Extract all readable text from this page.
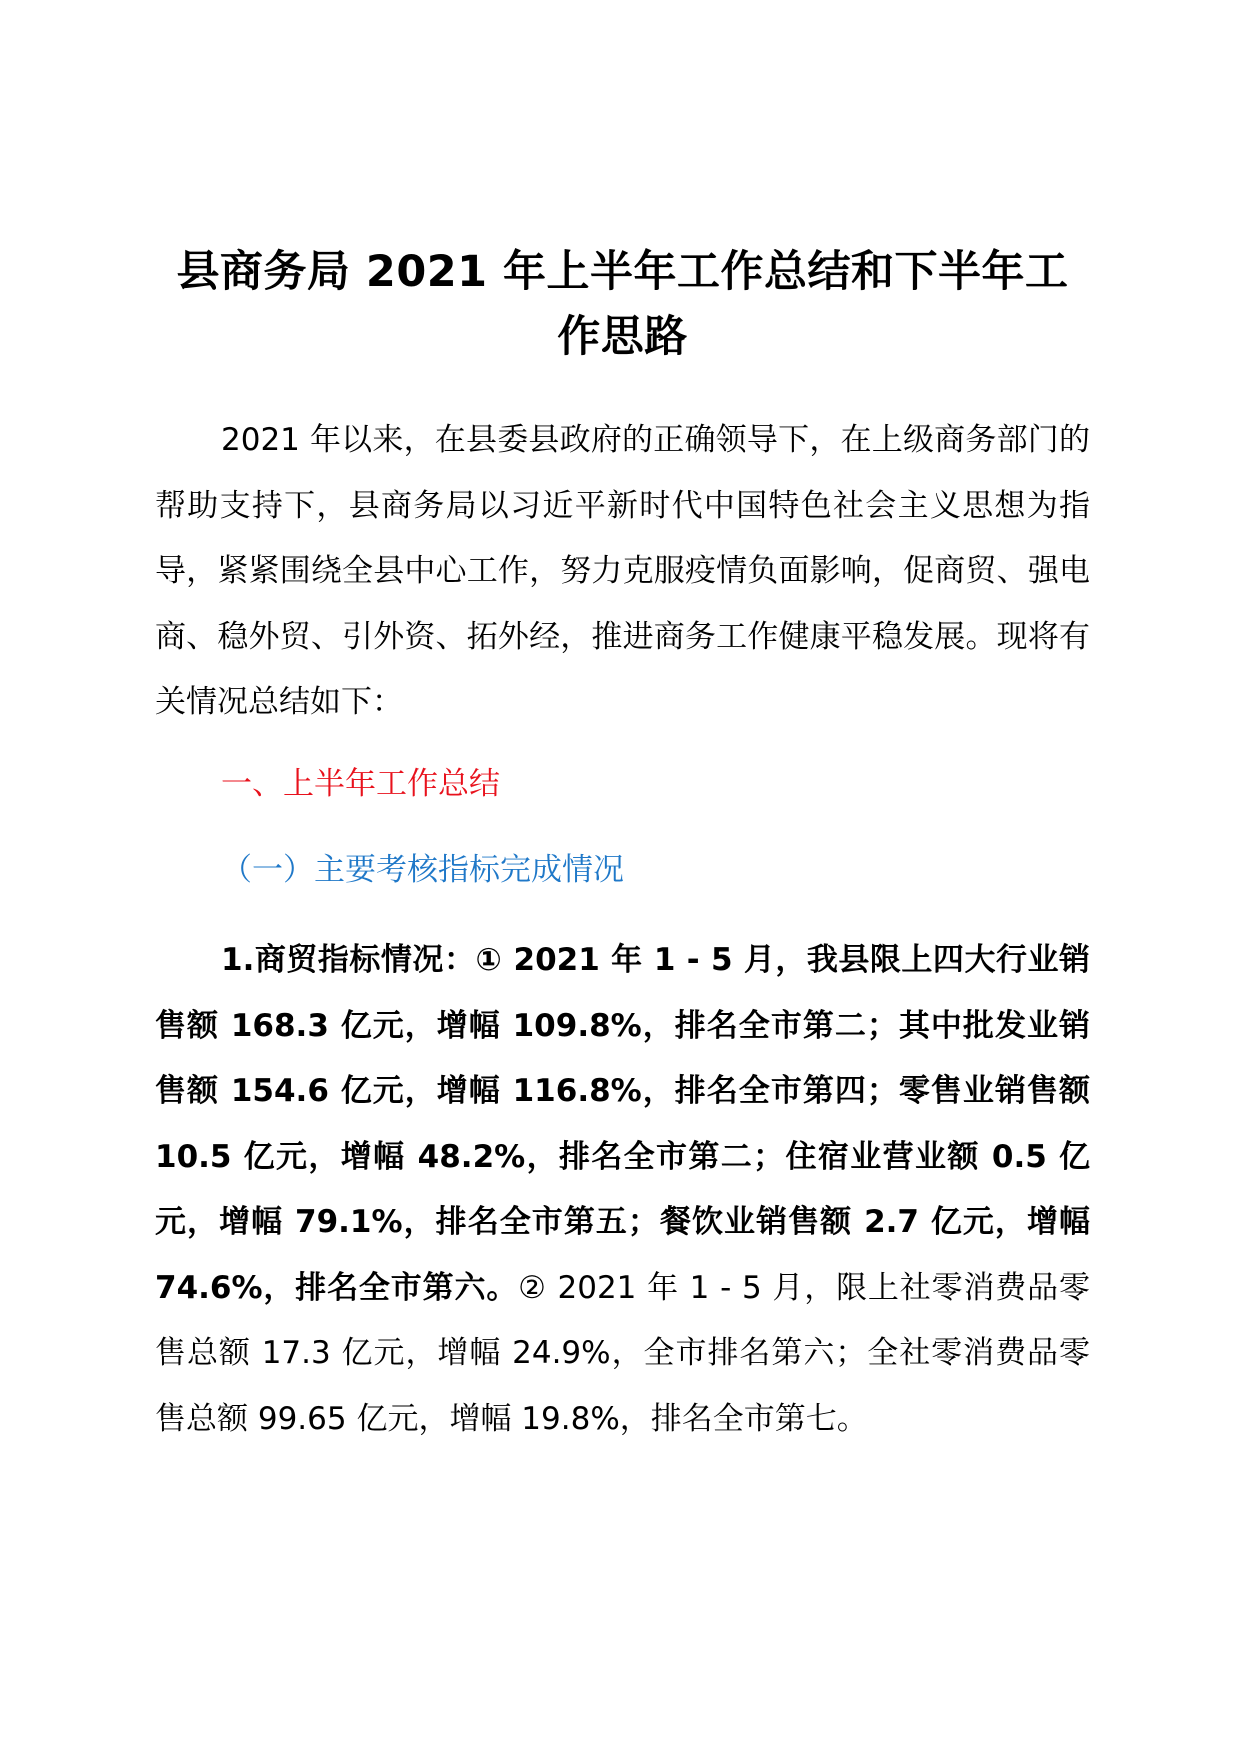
县商务局 2021 年上半年工作总结和下半年工作思路

2021 年以来，在县委县政府的正确领导下，在上级商务部门的帮助支持下，县商务局以习近平新时代中国特色社会主义思想为指导，紧紧围绕全县中心工作，努力克服疫情负面影响，促商贸、强电商、稳外贸、引外资、拓外经，推进商务工作健康平稳发展。现将有关情况总结如下：

一、上半年工作总结
（一）主要考核指标完成情况

1.商贸指标情况：① 2021 年 1 - 5 月，我县限上四大行业销售额 168.3 亿元，增幅 109.8%，排名全市第二；其中批发业销售额 154.6 亿元，增幅 116.8%，排名全市第四；零售业销售额 10.5 亿元，增幅 48.2%，排名全市第二；住宿业营业额 0.5 亿元，增幅 79.1%，排名全市第五；餐饮业销售额 2.7 亿元，增幅 74.6%，排名全市第六。② 2021 年 1 - 5 月，限上社零消费品零售总额 17.3 亿元，增幅 24.9%，全市排名第六；全社零消费品零售总额 99.65 亿元，增幅 19.8%，排名全市第七。
